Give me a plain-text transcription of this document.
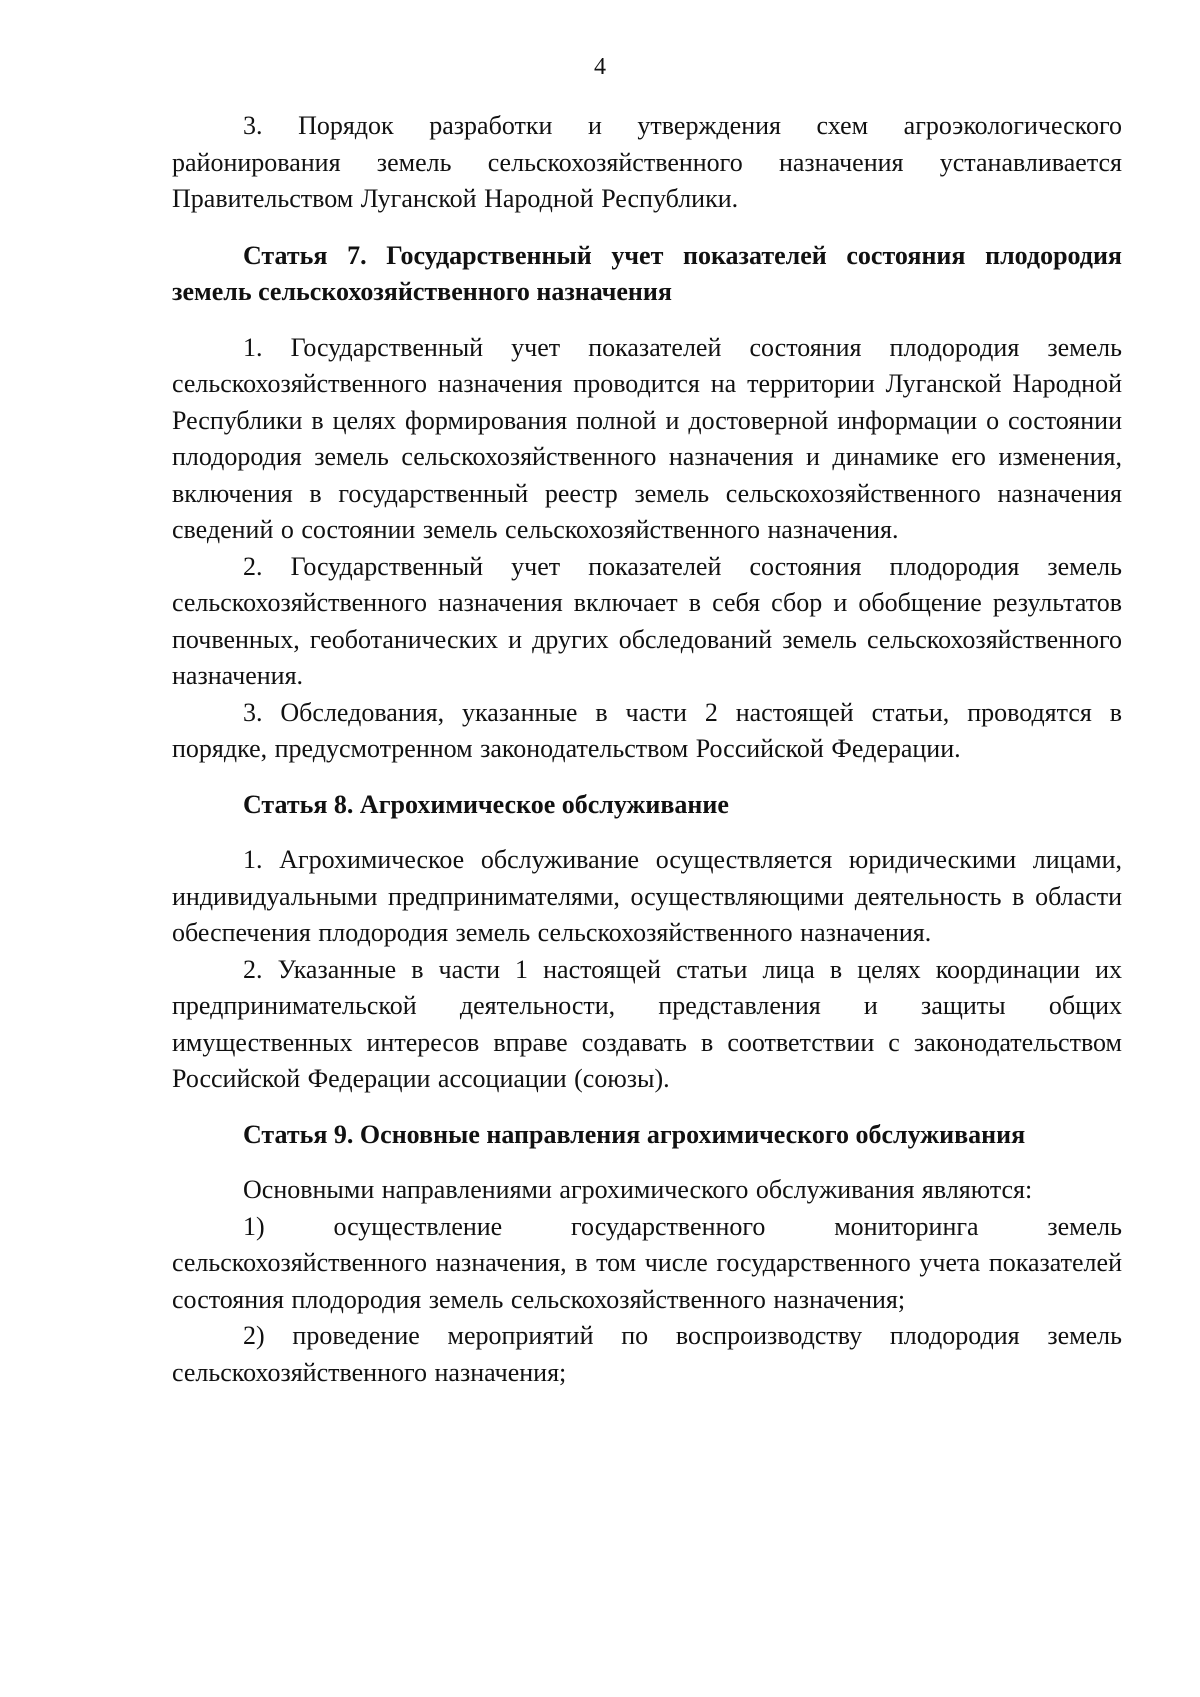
4

3. Порядок разработки и утверждения схем агроэкологического районирования земель сельскохозяйственного назначения устанавливается Правительством Луганской Народной Республики.

Статья 7. Государственный учет показателей состояния плодородия земель сельскохозяйственного назначения

1. Государственный учет показателей состояния плодородия земель сельскохозяйственного назначения проводится на территории Луганской Народной Республики в целях формирования полной и достоверной информации о состоянии плодородия земель сельскохозяйственного назначения и динамике его изменения, включения в государственный реестр земель сельскохозяйственного назначения сведений о состоянии земель сельскохозяйственного назначения.

2. Государственный учет показателей состояния плодородия земель сельскохозяйственного назначения включает в себя сбор и обобщение результатов почвенных, геоботанических и других обследований земель сельскохозяйственного назначения.

3. Обследования, указанные в части 2 настоящей статьи, проводятся в порядке, предусмотренном законодательством Российской Федерации.

Статья 8. Агрохимическое обслуживание

1. Агрохимическое обслуживание осуществляется юридическими лицами, индивидуальными предпринимателями, осуществляющими деятельность в области обеспечения плодородия земель сельскохозяйственного назначения.

2. Указанные в части 1 настоящей статьи лица в целях координации их предпринимательской деятельности, представления и защиты общих имущественных интересов вправе создавать в соответствии с законодательством Российской Федерации ассоциации (союзы).

Статья 9. Основные направления агрохимического обслуживания

Основными направлениями агрохимического обслуживания являются:

1) осуществление государственного мониторинга земель сельскохозяйственного назначения, в том числе государственного учета показателей состояния плодородия земель сельскохозяйственного назначения;

2) проведение мероприятий по воспроизводству плодородия земель сельскохозяйственного назначения;
